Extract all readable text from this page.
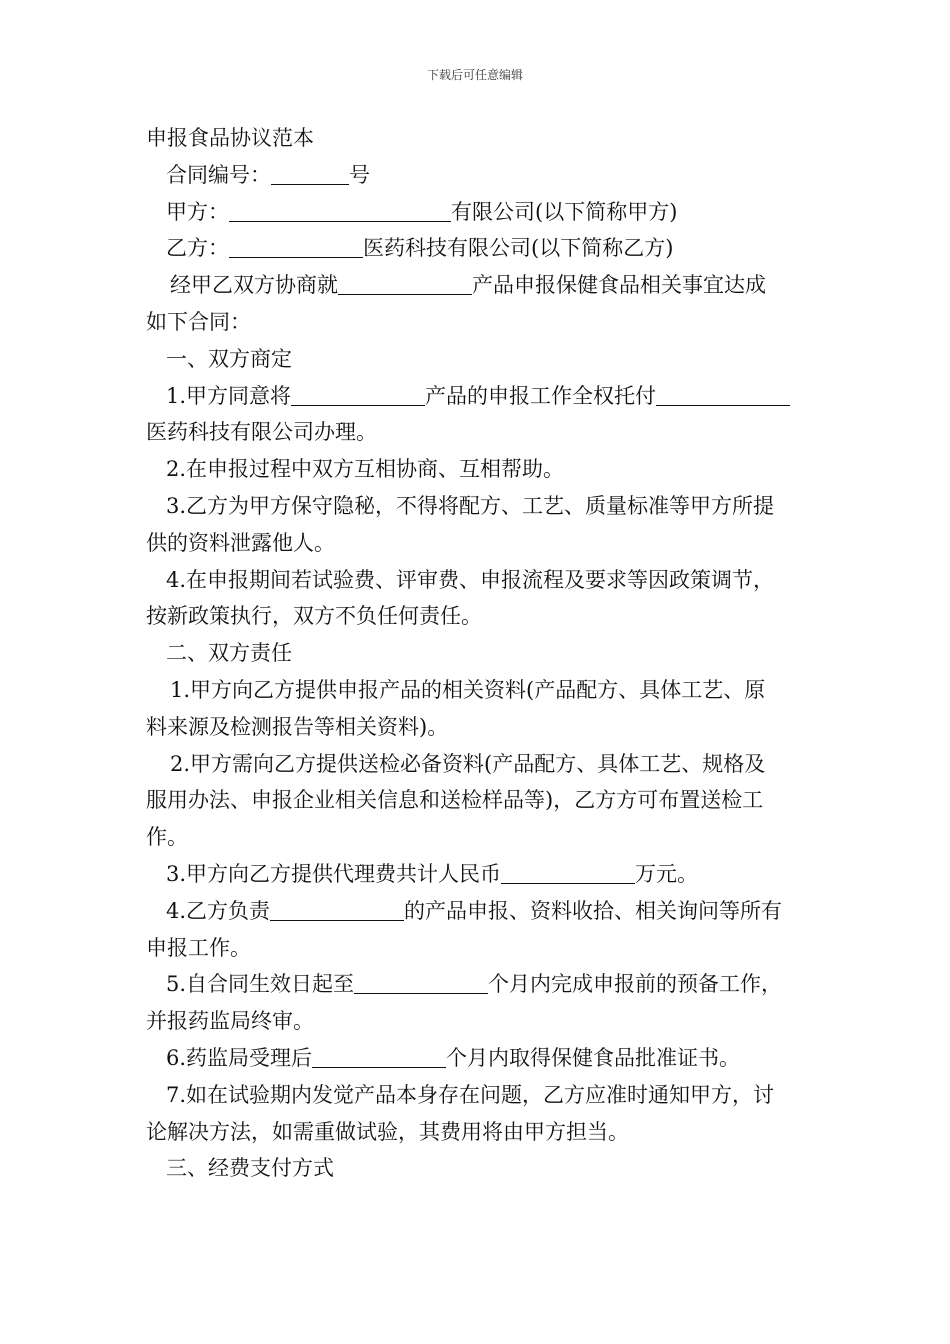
下载后可任意编辑
申报食品协议范本
合同编号：	号
甲方：	有限公司(以下简称甲方)
乙方：	医药科技有限公司(以下简称乙方)
经甲乙双方协商就	产品申报保健食品相关事宜达成
如下合同：
一、双方商定
1.甲方同意将	产品的申报工作全权托付
医药科技有限公司办理。
2.在申报过程中双方互相协商、互相帮助。
3.乙方为甲方保守隐秘，不得将配方、工艺、质量标准等甲方所提
供的资料泄露他人。
4.在申报期间若试验费、评审费、申报流程及要求等因政策调节，
按新政策执行，双方不负任何责任。
二、双方责任
1.甲方向乙方提供申报产品的相关资料(产品配方、具体工艺、原
料来源及检测报告等相关资料)。
2.甲方需向乙方提供送检必备资料(产品配方、具体工艺、规格及
服用办法、申报企业相关信息和送检样品等)，乙方方可布置送检工
作。
3.甲方向乙方提供代理费共计人民币	万元。
4.乙方负责	的产品申报、资料收拾、相关询问等所有
申报工作。
5.自合同生效日起至	个月内完成申报前的预备工作，
并报药监局终审。
6.药监局受理后	个月内取得保健食品批准证书。
7.如在试验期内发觉产品本身存在问题，乙方应准时通知甲方，讨
论解决方法，如需重做试验，其费用将由甲方担当。
三、经费支付方式
